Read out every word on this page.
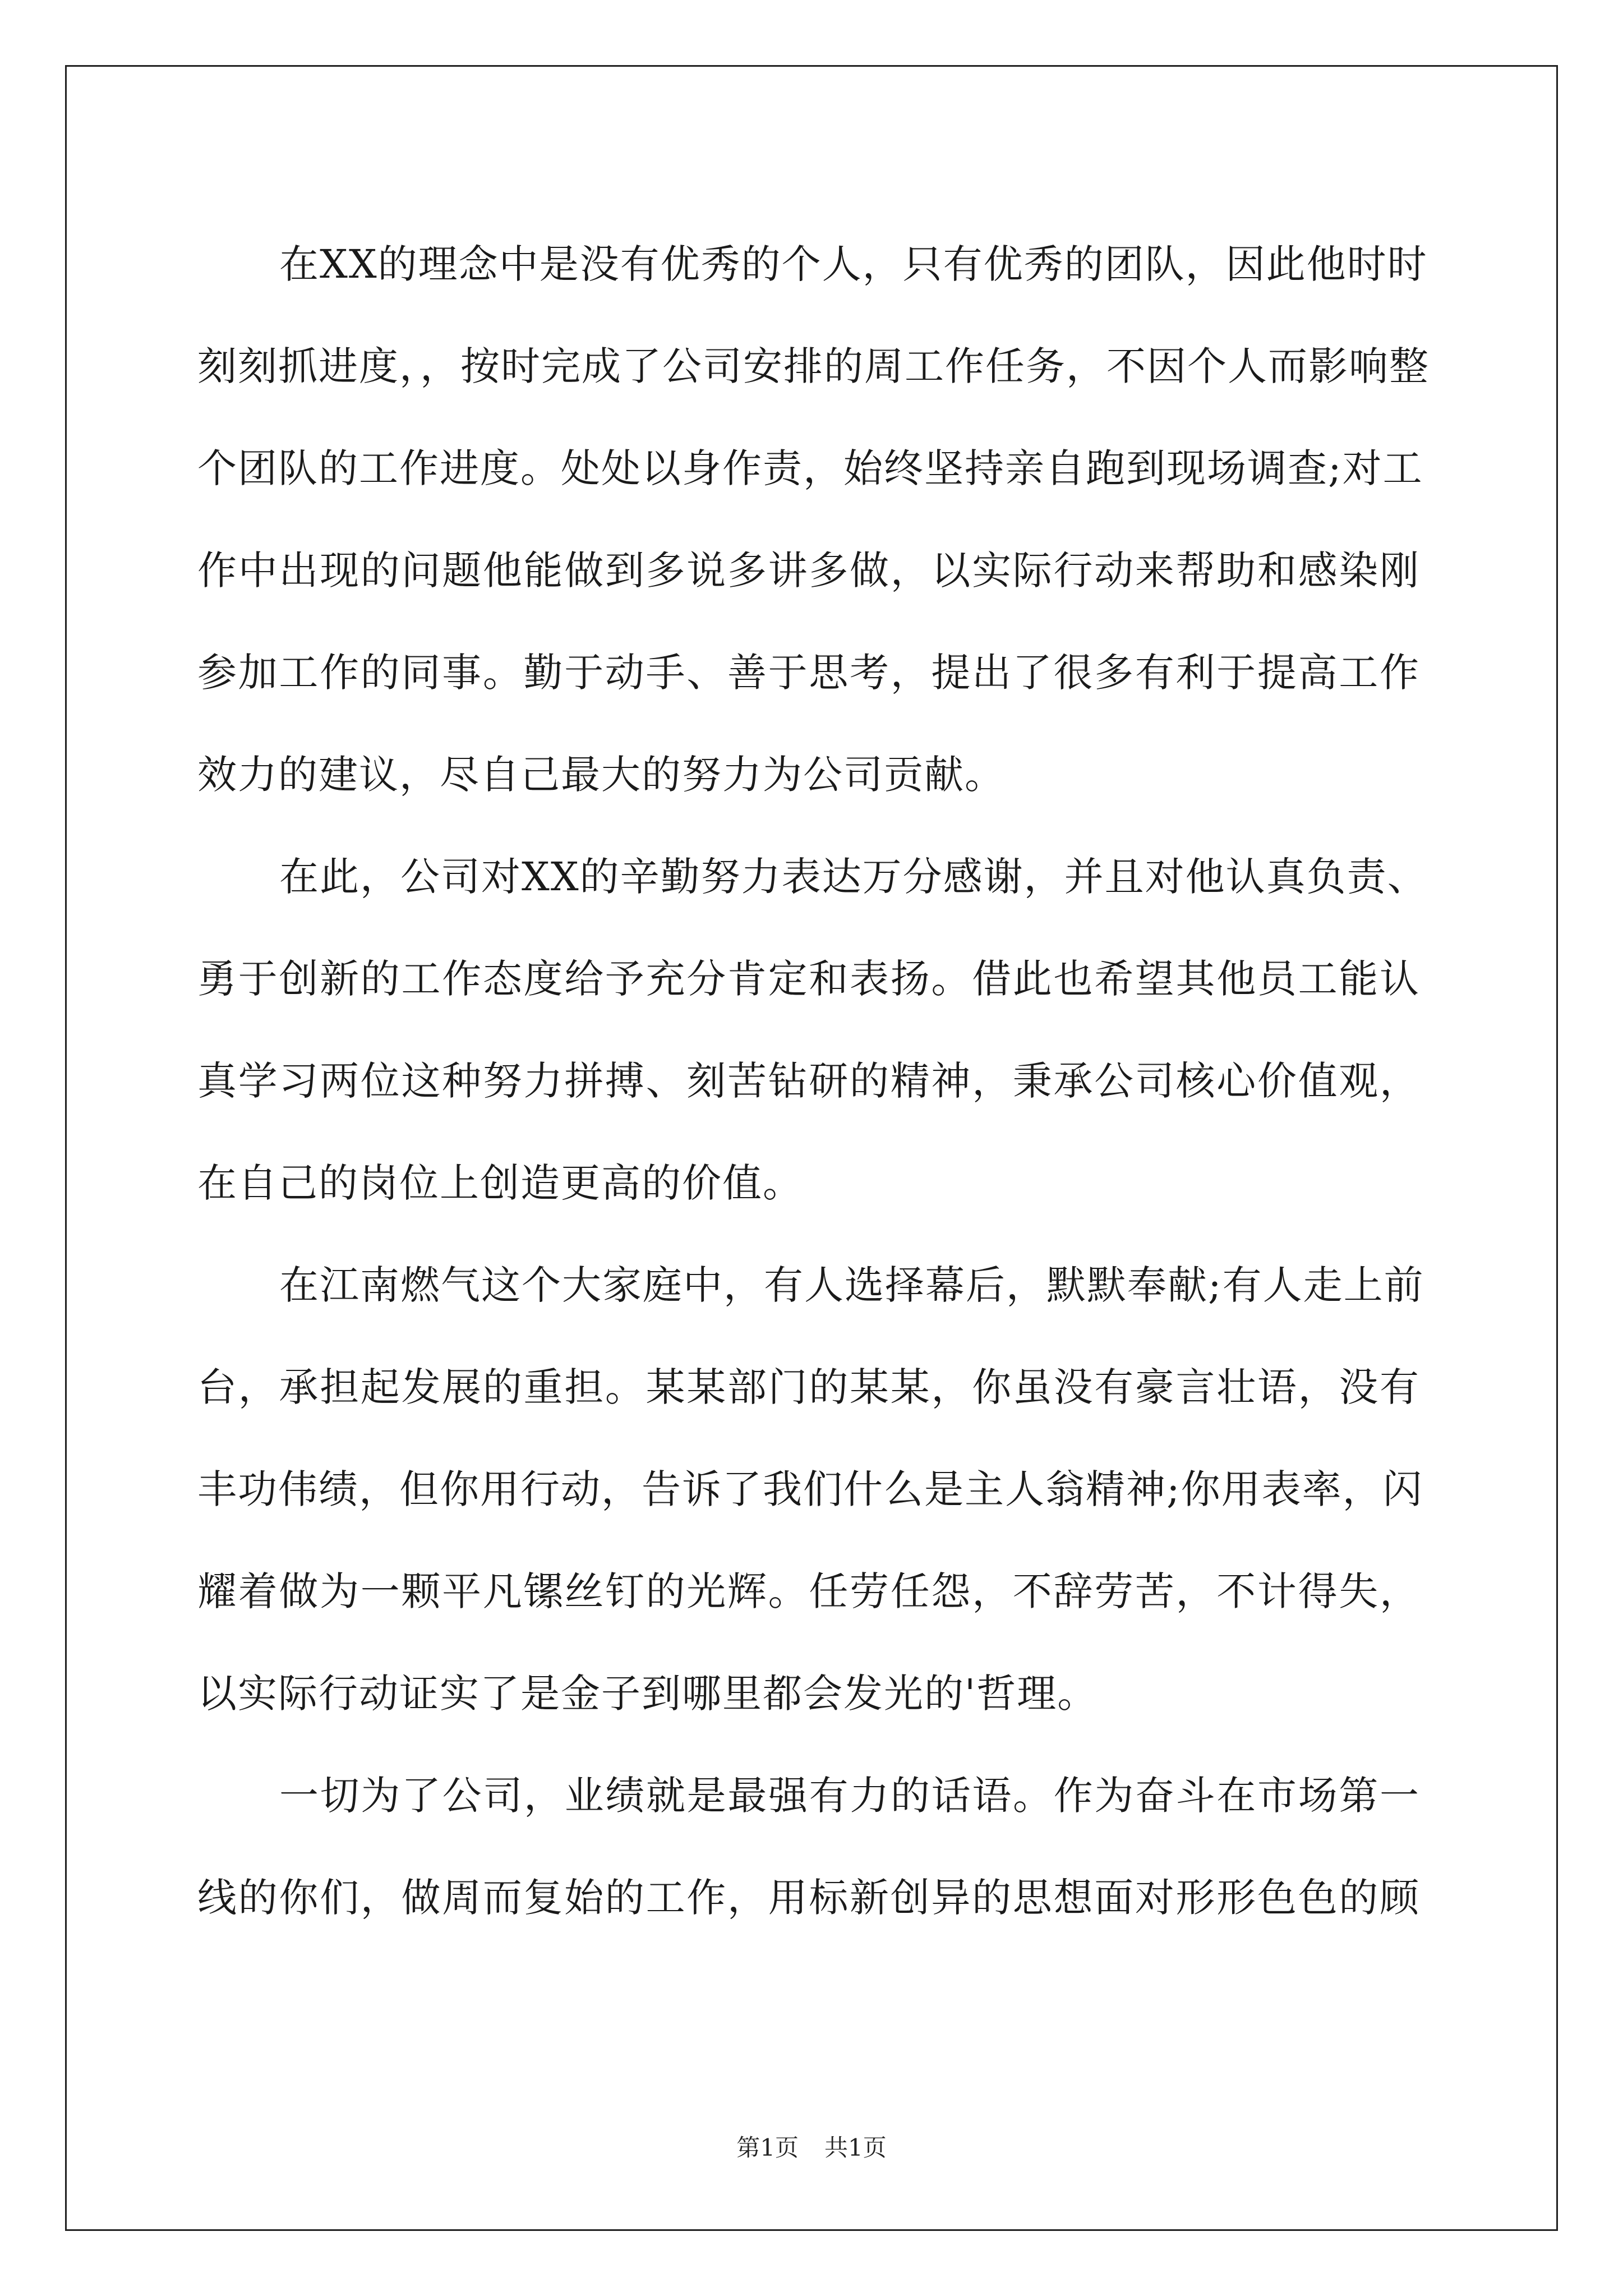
在XX的理念中是没有优秀的个人，只有优秀的团队，因此他时时
刻刻抓进度，，按时完成了公司安排的周工作任务，不因个人而影响整
个团队的工作进度。处处以身作责，始终坚持亲自跑到现场调查;对工
作中出现的问题他能做到多说多讲多做，以实际行动来帮助和感染刚
参加工作的同事。勤于动手、善于思考，提出了很多有利于提高工作
效力的建议，尽自己最大的努力为公司贡献。
在此，公司对XX的辛勤努力表达万分感谢，并且对他认真负责、
勇于创新的工作态度给予充分肯定和表扬。借此也希望其他员工能认
真学习两位这种努力拼搏、刻苦钻研的精神，秉承公司核心价值观，
在自己的岗位上创造更高的价值。
在江南燃气这个大家庭中，有人选择幕后，默默奉献;有人走上前
台，承担起发展的重担。某某部门的某某，你虽没有豪言壮语，没有
丰功伟绩，但你用行动，告诉了我们什么是主人翁精神;你用表率，闪
耀着做为一颗平凡镙丝钉的光辉。任劳任怨，不辞劳苦，不计得失，
以实际行动证实了是金子到哪里都会发光的'哲理。
一切为了公司，业绩就是最强有力的话语。作为奋斗在市场第一
线的你们，做周而复始的工作，用标新创异的思想面对形形色色的顾
第1页 共1页
